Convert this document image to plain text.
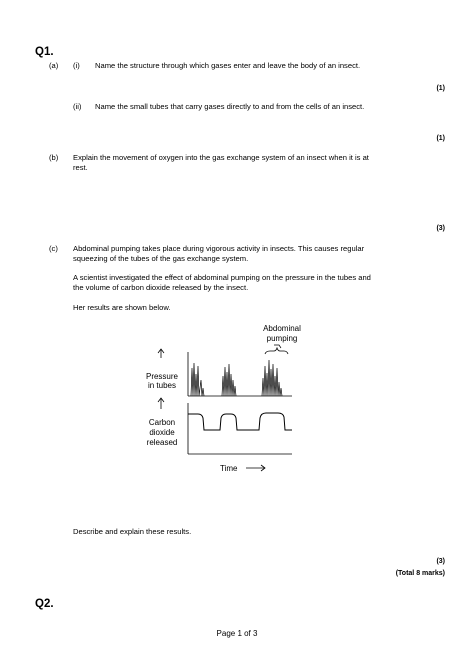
Q1.
(a) (i) Name the structure through which gases enter and leave the body of an insect.
(1)
(ii) Name the small tubes that carry gases directly to and from the cells of an insect.
(1)
(b) Explain the movement of oxygen into the gas exchange system of an insect when it is at
rest.
(3)
(c) Abdominal pumping takes place during vigorous activity in insects. This causes regular
squeezing of the tubes of the gas exchange system.
A scientist investigated the effect of abdominal pumping on the pressure in the tubes and
the volume of carbon dioxide released by the insect.
Her results are shown below.
Abdominal
pumping
Pressure
in tubes
Carbon
dioxide
released
Time
Describe and explain these results.
(3)
(Total 8 marks)
Q2.
Page 1 of 3
